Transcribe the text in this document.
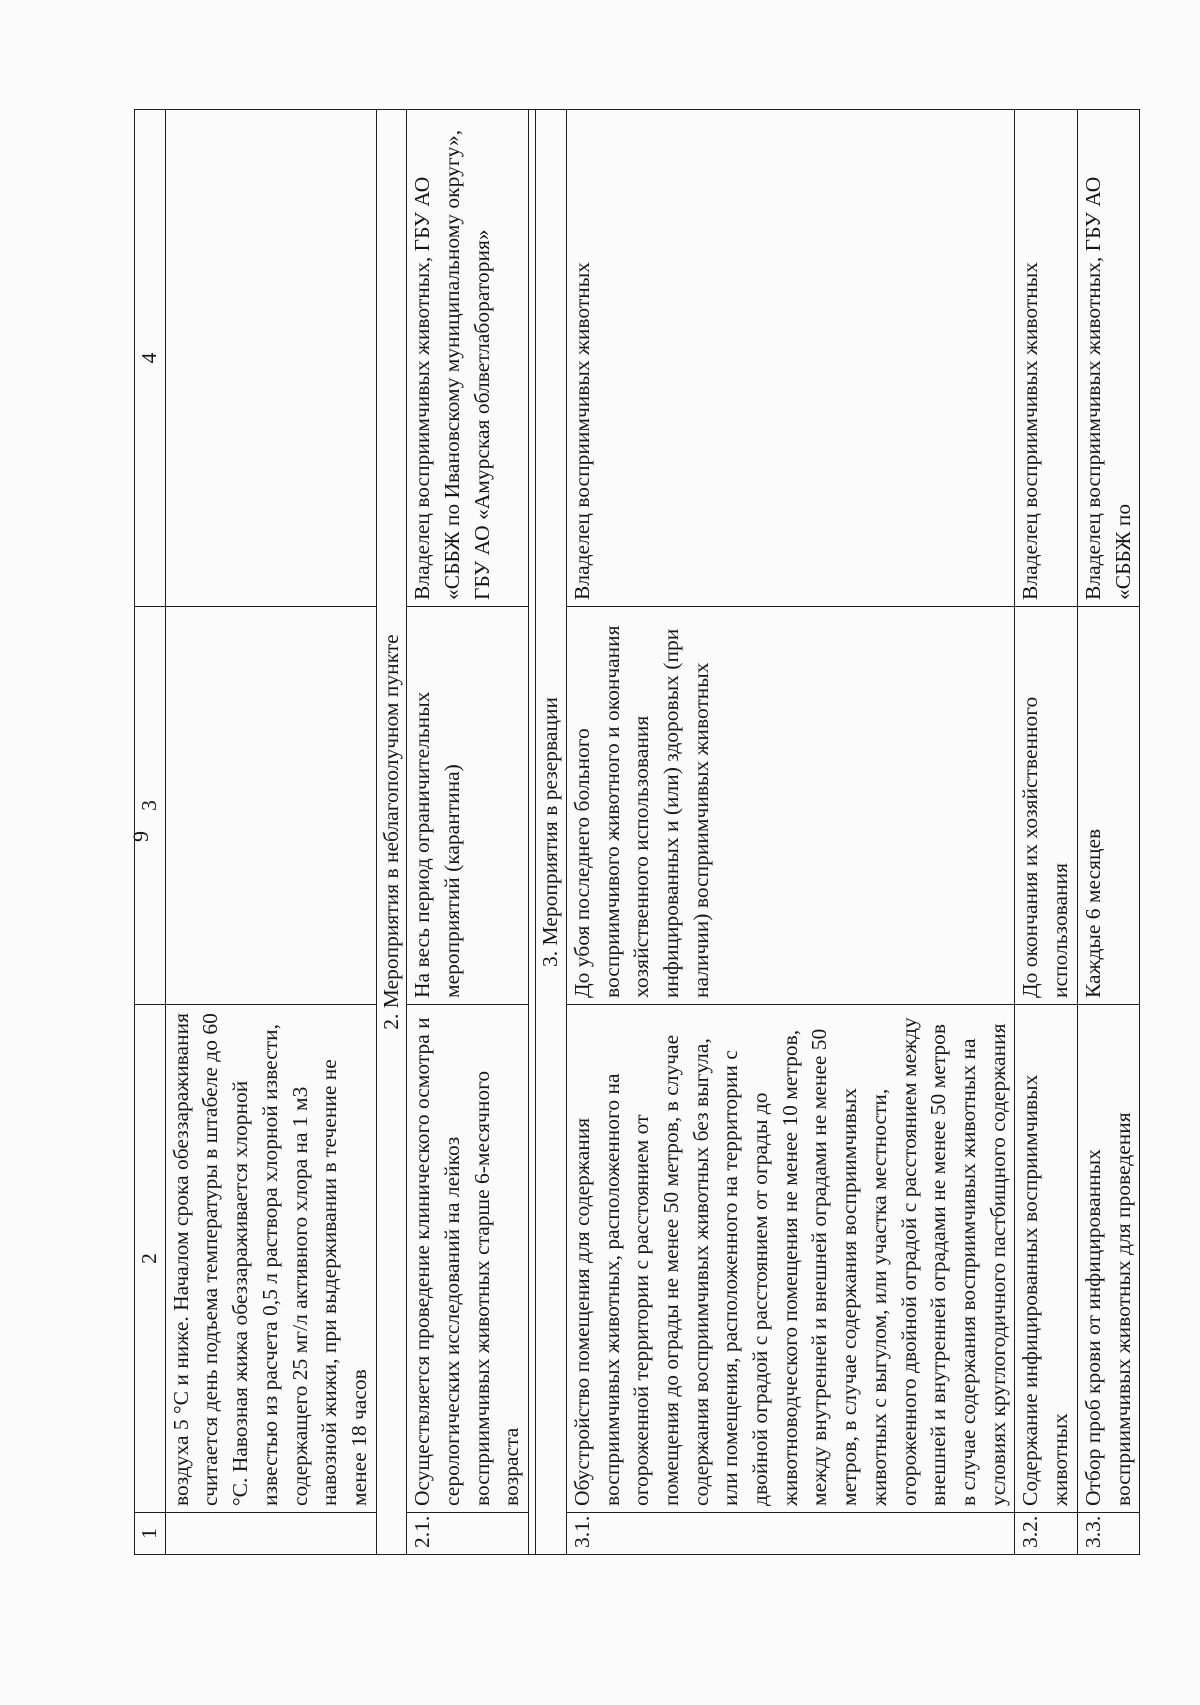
9
1	2	3	4
	воздуха 5 °С и ниже. Началом срока обеззараживания считается день подъема температуры в штабеле до 60 °С. Навозная жижа обеззараживается хлорной известью из расчета 0,5 л раствора хлорной извести, содержащего 25 мг/л активного хлора на 1 м3 навозной жижи, при выдерживании в течение не менее 18 часов		
2. Мероприятия в неблагополучном пункте			
2.1.	Осуществляется проведение клинического осмотра и серологических исследований на лейкоз восприимчивых животных старше 6-месячного возраста	На весь период ограничительных мероприятий (карантина)	Владелец восприимчивых животных, ГБУ АО «СББЖ по Ивановскому муниципальному округу», ГБУ АО «Амурская облветлаборатория»

3. Мероприятия в резервации			
3.1.	Обустройство помещения для содержания восприимчивых животных, расположенного на огороженной территории с расстоянием от помещения до ограды не менее 50 метров, в случае содержания восприимчивых животных без выгула, или помещения, расположенного на территории с двойной оградой с расстоянием от ограды до животноводческого помещения не менее 10 метров, между внутренней и внешней оградами не менее 50 метров, в случае содержания восприимчивых животных с выгулом, или участка местности, огороженного двойной оградой с расстоянием между внешней и внутренней оградами не менее 50 метров в случае содержания восприимчивых животных на условиях круглогодичного пастбищного содержания	До убоя последнего больного восприимчивого животного и окончания хозяйственного использования инфицированных и (или) здоровых (при наличии) восприимчивых животных	Владелец восприимчивых животных
3.2.	Содержание инфицированных восприимчивых животных	До окончания их хозяйственного использования	Владелец восприимчивых животных
3.3.	Отбор проб крови от инфицированных восприимчивых животных для проведения	Каждые 6 месяцев	Владелец восприимчивых животных, ГБУ АО «СББЖ по
